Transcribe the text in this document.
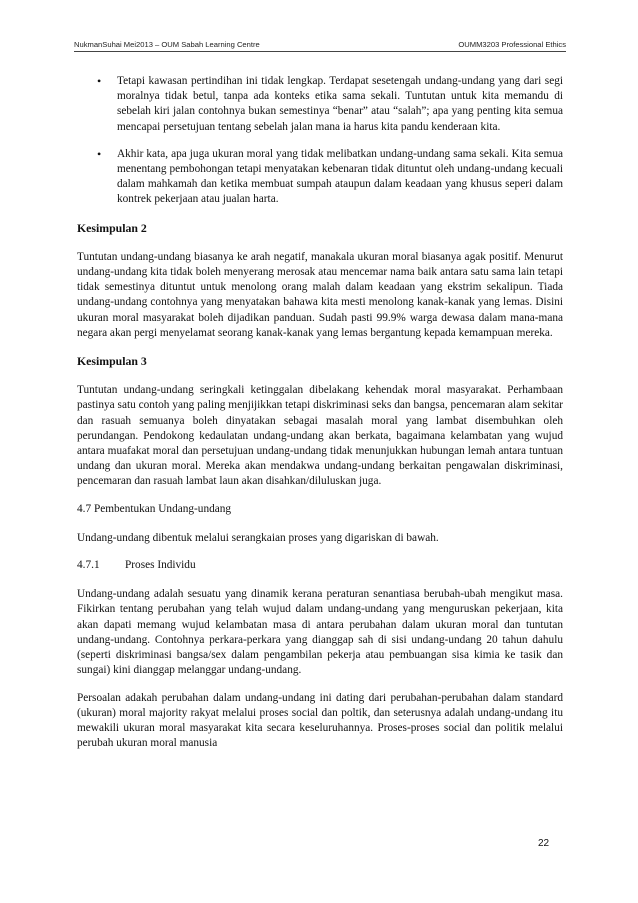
NukmanSuhai Mei2013 – OUM Sabah Learning Centre	OUMM3203 Professional Ethics
• Tetapi kawasan pertindihan ini tidak lengkap. Terdapat sesetengah undang-undang yang dari segi moralnya tidak betul, tanpa ada konteks etika sama sekali. Tuntutan untuk kita memandu di sebelah kiri jalan contohnya bukan semestinya “benar” atau “salah”; apa yang penting kita semua mencapai persetujuan tentang sebelah jalan mana ia harus kita pandu kenderaan kita.
• Akhir kata, apa juga ukuran moral yang tidak melibatkan undang-undang sama sekali. Kita semua menentang pembohongan tetapi menyatakan kebenaran tidak dituntut oleh undang-undang kecuali dalam mahkamah dan ketika membuat sumpah ataupun dalam keadaan yang khusus seperi dalam kontrek pekerjaan atau jualan harta.

Kesimpulan 2

Tuntutan undang-undang biasanya ke arah negatif, manakala ukuran moral biasanya agak positif. Menurut undang-undang kita tidak boleh menyerang merosak atau mencemar nama baik antara satu sama lain tetapi tidak semestinya dituntut untuk menolong orang malah dalam keadaan yang ekstrim sekalipun. Tiada undang-undang contohnya yang menyatakan bahawa kita mesti menolong kanak-kanak yang lemas. Disini ukuran moral masyarakat boleh dijadikan panduan. Sudah pasti 99.9% warga dewasa dalam mana-mana negara akan pergi menyelamat seorang kanak-kanak yang lemas bergantung kepada kemampuan mereka.

Kesimpulan 3

Tuntutan undang-undang seringkali ketinggalan dibelakang kehendak moral masyarakat. Perhambaan pastinya satu contoh yang paling menjijikkan tetapi diskriminasi seks dan bangsa, pencemaran alam sekitar dan rasuah semuanya boleh dinyatakan sebagai masalah moral yang lambat disembuhkan oleh perundangan. Pendokong kedaulatan undang-undang akan berkata, bagaimana kelambatan yang wujud antara muafakat moral dan persetujuan undang-undang tidak menunjukkan hubungan lemah antara tuntuan undang dan ukuran moral. Mereka akan mendakwa undang-undang berkaitan pengawalan diskriminasi, pencemaran dan rasuah lambat laun akan disahkan/diluluskan juga.

4.7 Pembentukan Undang-undang

Undang-undang dibentuk melalui serangkaian proses yang digariskan di bawah.

4.7.1	Proses Individu

Undang-undang adalah sesuatu yang dinamik kerana peraturan senantiasa berubah-ubah mengikut masa. Fikirkan tentang perubahan yang telah wujud dalam undang-undang yang menguruskan pekerjaan, kita akan dapati memang wujud kelambatan masa di antara perubahan dalam ukuran moral dan tuntutan undang-undang. Contohnya perkara-perkara yang dianggap sah di sisi undang-undang 20 tahun dahulu (seperti diskriminasi bangsa/sex dalam pengambilan pekerja atau pembuangan sisa kimia ke tasik dan sungai) kini dianggap melanggar undang-undang.

Persoalan adakah perubahan dalam undang-undang ini dating dari perubahan-perubahan dalam standard (ukuran) moral majority rakyat melalui proses social dan poltik, dan seterusnya adalah undang-undang itu mewakili ukuran moral masyarakat kita secara keseluruhannya. Proses-proses social dan politik melalui perubah ukuran moral manusia

22
